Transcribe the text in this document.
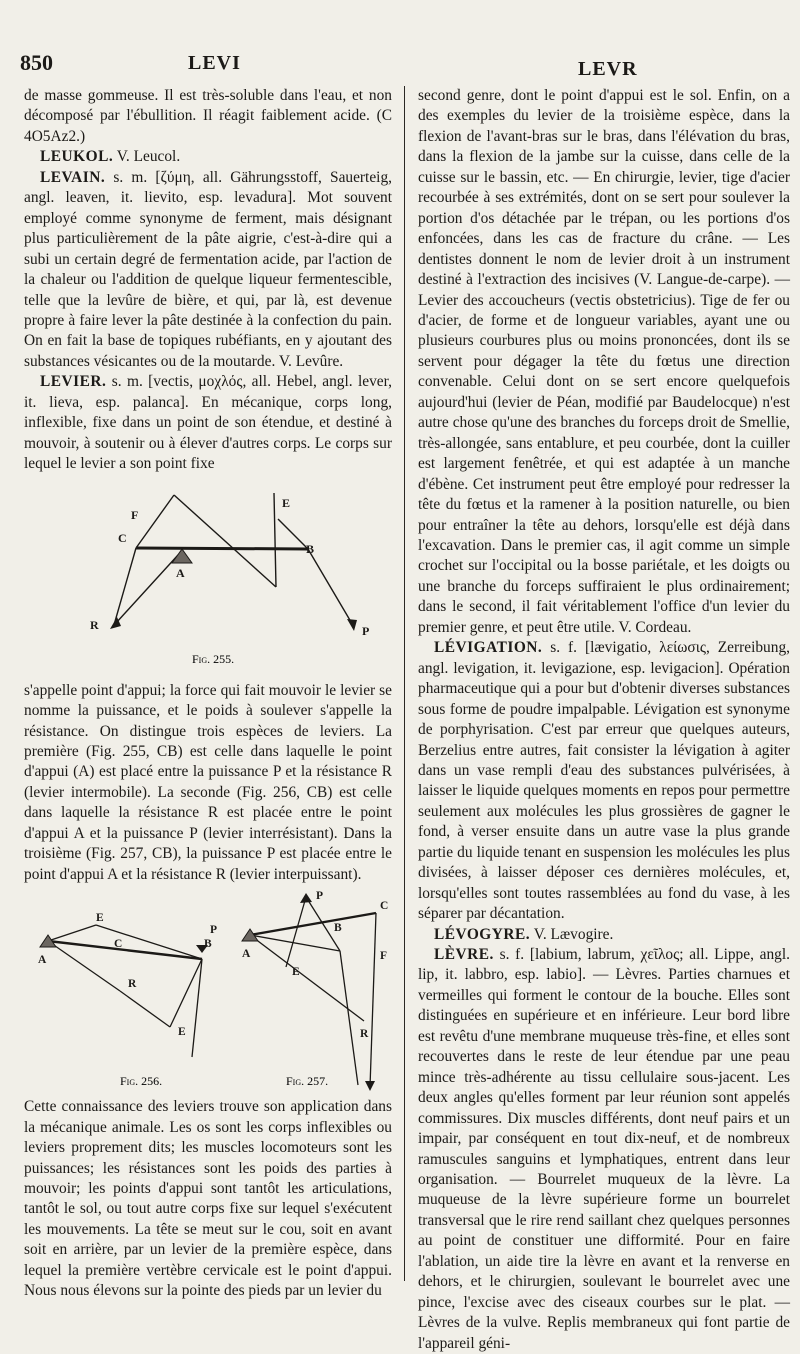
850	LEVI	LEVR

de masse gommeuse. Il est très-soluble dans l'eau, et non décomposé par l'ébullition. Il réagit faiblement acide. (C 4O5Az2.)

LEUKOL. V. Leucol.

LEVAIN. s. m. [ζύμη, all. Gährungsstoff, Sauerteig, angl. leaven, it. lievito, esp. levadura]. Mot souvent employé comme synonyme de ferment, mais désignant plus particulièrement de la pâte aigrie, c'est-à-dire qui a subi un certain degré de fermentation acide, par l'action de la chaleur ou l'addition de quelque liqueur fermentescible, telle que la levûre de bière, et qui, par là, est devenue propre à faire lever la pâte destinée à la confection du pain. On en fait la base de topiques rubéfiants, en y ajoutant des substances vésicantes ou de la moutarde. V. Levûre.

LEVIER. s. m. [vectis, μοχλός, all. Hebel, angl. lever, it. lieva, esp. palanca]. En mécanique, corps long, inflexible, fixe dans un point de son étendue, et destiné à mouvoir, à soutenir ou à élever d'autres corps. Le corps sur lequel le levier a son point fixe

F
C
A
E
B
R	P
Fig. 255.

s'appelle point d'appui; la force qui fait mouvoir le levier se nomme la puissance, et le poids à soulever s'appelle la résistance. On distingue trois espèces de leviers. La première (Fig. 255, CB) est celle dans laquelle le point d'appui (A) est placé entre la puissance P et la résistance R (levier intermobile). La seconde (Fig. 256, CB) est celle dans laquelle la résistance R est placée entre le point d'appui A et la puissance P (levier interrésistant). Dans la troisième (Fig. 257, CB), la puissance P est placée entre le point d'appui A et la résistance R (levier interpuissant).

A
E
C	B
R
E
P
P
C
B
F
E
R
A
Fig. 256.	Fig. 257.

Cette connaissance des leviers trouve son application dans la mécanique animale. Les os sont les corps inflexibles ou leviers proprement dits; les muscles locomoteurs sont les puissances; les résistances sont les poids des parties à mouvoir; les points d'appui sont tantôt les articulations, tantôt le sol, ou tout autre corps fixe sur lequel s'exécutent les mouvements. La tête se meut sur le cou, soit en avant soit en arrière, par un levier de la première espèce, dans lequel la première vertèbre cervicale est le point d'appui. Nous nous élevons sur la pointe des pieds par un levier du

second genre, dont le point d'appui est le sol. Enfin, on a des exemples du levier de la troisième espèce, dans la flexion de l'avant-bras sur le bras, dans l'élévation du bras, dans la flexion de la jambe sur la cuisse, dans celle de la cuisse sur le bassin, etc. — En chirurgie, levier, tige d'acier recourbée à ses extrémités, dont on se sert pour soulever la portion d'os détachée par le trépan, ou les portions d'os enfoncées, dans les cas de fracture du crâne. — Les dentistes donnent le nom de levier droit à un instrument destiné à l'extraction des incisives (V. Langue-de-carpe). — Levier des accoucheurs (vectis obstetricius). Tige de fer ou d'acier, de forme et de longueur variables, ayant une ou plusieurs courbures plus ou moins prononcées, dont ils se servent pour dégager la tête du fœtus une direction convenable. Celui dont on se sert encore quelquefois aujourd'hui (levier de Péan, modifié par Baudelocque) n'est autre chose qu'une des branches du forceps droit de Smellie, très-allongée, sans entablure, et peu courbée, dont la cuiller est largement fenêtrée, et qui est adaptée à un manche d'ébène. Cet instrument peut être employé pour redresser la tête du fœtus et la ramener à la position naturelle, ou bien pour entraîner la tête au dehors, lorsqu'elle est déjà dans l'excavation. Dans le premier cas, il agit comme un simple crochet sur l'occipital ou la bosse pariétale, et les doigts ou une branche du forceps suffiraient le plus ordinairement; dans le second, il fait véritablement l'office d'un levier du premier genre, et peut être utile. V. Cordeau.

LÉVIGATION. s. f. [lævigatio, λείωσις, Zerreibung, angl. levigation, it. levigazione, esp. levigacion]. Opération pharmaceutique qui a pour but d'obtenir diverses substances sous forme de poudre impalpable. Lévigation est synonyme de porphyrisation. C'est par erreur que quelques auteurs, Berzelius entre autres, fait consister la lévigation à agiter dans un vase rempli d'eau des substances pulvérisées, à laisser le liquide quelques moments en repos pour permettre seulement aux molécules les plus grossières de gagner le fond, à verser ensuite dans un autre vase la plus grande partie du liquide tenant en suspension les molécules les plus divisées, à laisser déposer ces dernières molécules, et, lorsqu'elles sont toutes rassemblées au fond du vase, à les séparer par décantation.

LÉVOGYRE. V. Lævogire.

LÈVRE. s. f. [labium, labrum, χεῖλος; all. Lippe, angl. lip, it. labbro, esp. labio]. — Lèvres. Parties charnues et vermeilles qui forment le contour de la bouche. Elles sont distinguées en supérieure et en inférieure. Leur bord libre est revêtu d'une membrane muqueuse très-fine, et elles sont recouvertes dans le reste de leur étendue par une peau mince très-adhérente au tissu cellulaire sous-jacent. Les deux angles qu'elles forment par leur réunion sont appelés commissures. Dix muscles différents, dont neuf pairs et un impair, par conséquent en tout dix-neuf, et de nombreux ramuscules sanguins et lymphatiques, entrent dans leur organisation. — Bourrelet muqueux de la lèvre. La muqueuse de la lèvre supérieure forme un bourrelet transversal que le rire rend saillant chez quelques personnes au point de constituer une difformité. Pour en faire l'ablation, un aide tire la lèvre en avant et la renverse en dehors, et le chirurgien, soulevant le bourrelet avec une pince, l'excise avec des ciseaux courbes sur le plat. — Lèvres de la vulve. Replis membraneux qui font partie de l'appareil géni-
